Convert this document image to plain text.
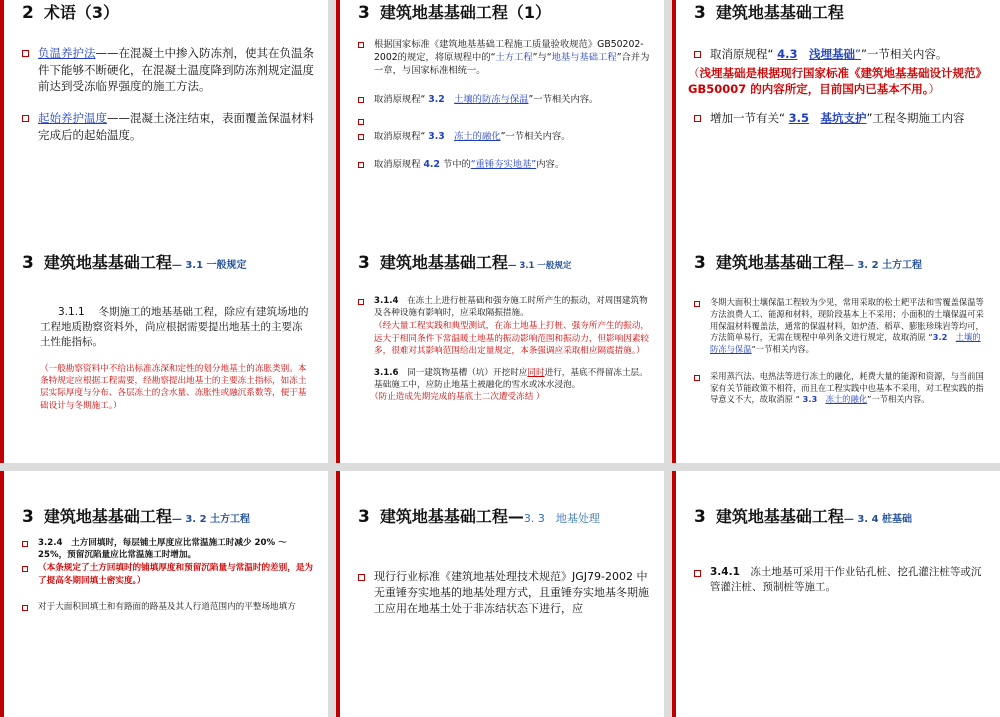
2 术语（3）
负温养护法——在混凝土中掺入防冻剂，使其在负温条件下能够不断硬化，在混凝土温度降到防冻剂规定温度前达到受冻临界强度的施工方法。
起始养护温度——混凝土浇注结束，表面覆盖保温材料完成后的起始温度。
3 建筑地基基础工程（1）
根据国家标准《建筑地基基础工程施工质量验收规范》GB50202-2002的规定，将原规程中的“土方工程”与“地基与基础工程”合并为一章，与国家标准相统一。
取消原规程“ 3.2　 土壤的防冻与保温”一节相关内容。

取消原规程“ 3.3　 冻土的融化”一节相关内容。
取消原规程 4.2 节中的“重锤夯实地基”内容。
3 建筑地基基础工程
取消原规程“ 4.3　 浅埋基础””一节相关内容。
（浅埋基础是根据现行国家标准《建筑地基基础设计规范》GB50007 的内容所定，目前国内已基本不用。）
增加一节有关“ 3.5　 基坑支护”工程冬期施工内容
3 建筑地基基础工程— 3.1 一般规定
3.1.1　 冬期施工的地基基础工程，除应有建筑场地的工程地质勘察资料外，尚应根据需要提出地基土的主要冻土性能指标。
（一般勘察资料中不给出标准冻深和定性的划分地基土的冻胀类别。本条特规定应根据工程需要，经勘察提出地基土的主要冻土指标，如冻土层实际厚度与分布、各层冻土的含水量、冻胀性或融沉系数等，便于基础设计与冬期施工。）
3 建筑地基基础工程— 3.1 一般规定
3.1.4　在冻土上进行桩基础和强夯施工时所产生的振动，对周围建筑物及各种设施有影响时，应采取隔振措施。
（经大量工程实践和典型测试，在冻土地基上打桩、强夯所产生的振动，远大于相同条件下常温暖土地基的振动影响范围和振动力，但影响因素较多，很难对其影响范围给出定量规定，本条强调应采取相应隔震措施。）
3.1.6　同一建筑物基槽（坑）开挖时应同时进行，基底不得留冻土层。基础施工中，应防止地基土被融化的雪水或冰水浸泡。
（防止造成先期完成的基底土二次遭受冻结 ）
3 建筑地基基础工程— 3. 2 土方工程
冬期大面积土壤保温工程较为少见，常用采取的松土耙平法和雪覆盖保温等方法浪费人工、能源和材料，现阶段基本上不采用；小面积的土壤保温可采用保温材料覆盖法，通常的保温材料，如炉渣、稻草、膨胀珍珠岩等均可，方法简单易行，无需在规程中单列条文进行规定，故取消原 “3.2　 土壤的防冻与保温”一节相关内容。
采用蒸汽法、电热法等进行冻土的融化，耗费大量的能源和资源，与当前国家有关节能政策不相符，而且在工程实践中也基本不采用，对工程实践的指导意义不大，故取消原 “ 3.3　 冻土的融化”一节相关内容。
3 建筑地基基础工程— 3. 2 土方工程
3.2.4　土方回填时，每层铺土厚度应比常温施工时减少 20% ～ 25%，预留沉陷量应比常温施工时增加。
（本条规定了土方回填时的铺填厚度和预留沉陷量与常温时的差别，是为了提高冬期回填土密实度。）
对于大面积回填土和有路面的路基及其人行道范围内的平整场地填方
3 建筑地基基础工程—3. 3　地基处理
现行行业标准《建筑地基处理技术规范》JGJ79-2002 中无重锤夯实地基的地基处理方式，且重锤夯实地基冬期施工应用在地基土处于非冻结状态下进行，应
3 建筑地基基础工程— 3. 4 桩基础
3.4.1　冻土地基可采用干作业钻孔桩、挖孔灌注桩等或沉管灌注桩、预制桩等施工。
